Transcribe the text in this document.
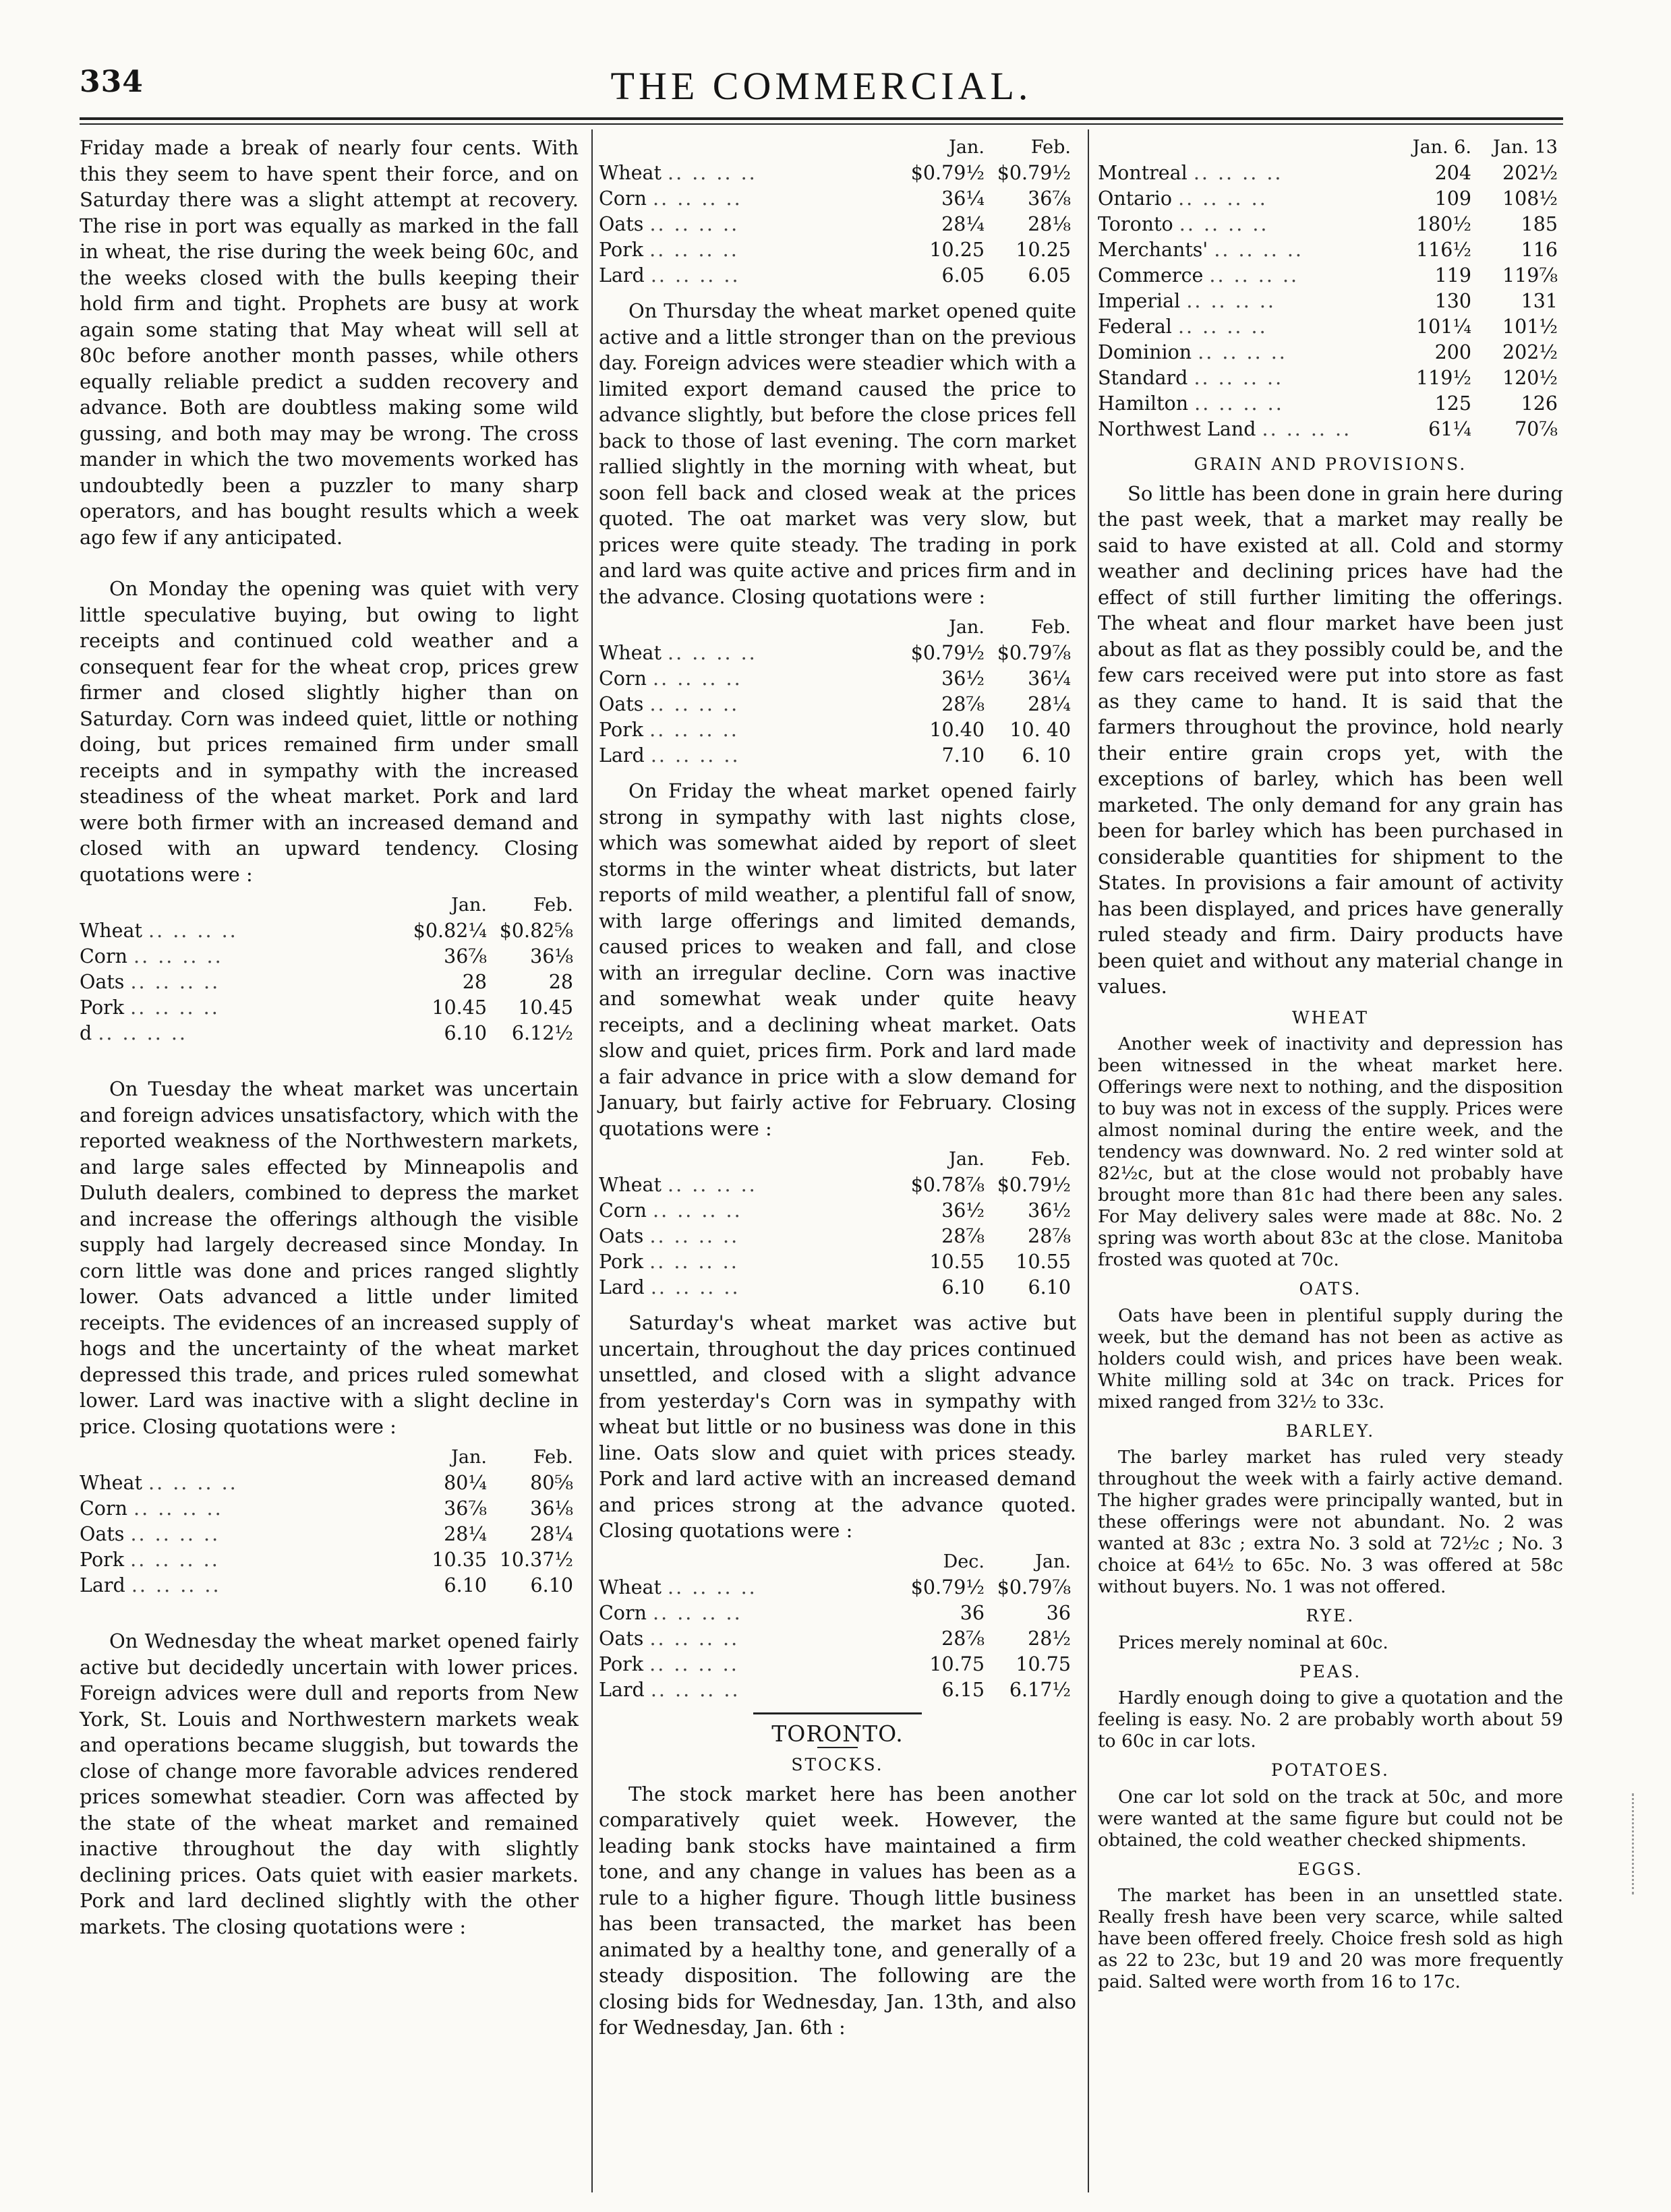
334	THE COMMERCIAL.

Friday made a break of nearly four cents. With this they seem to have spent their force, and on Saturday there was a slight attempt at recovery. The rise in port was equally as marked in the fall in wheat, the rise during the week being 60c, and the weeks closed with the bulls keeping their hold firm and tight. Prophets are busy at work again some stating that May wheat will sell at 80c before another month passes, while others equally reliable predict a sudden recovery and advance. Both are doubtless making some wild gussing, and both may may be wrong. The cross mander in which the two movements worked has undoubtedly been a puzzler to many sharp operators, and has bought results which a week ago few if any anticipated.

On Monday the opening was quiet with very little speculative buying, but owing to light receipts and continued cold weather and a consequent fear for the wheat crop, prices grew firmer and closed slightly higher than on Saturday. Corn was indeed quiet, little or nothing doing, but prices remained firm under small receipts and in sympathy with the increased steadiness of the wheat market. Pork and lard were both firmer with an increased demand and closed with an upward tendency. Closing quotations were :

	Jan.	Feb.
Wheat .. .. .. ..	$0.82¼	$0.82⅝
Corn .. .. .. ..	36⅞	36⅛
Oats .. .. .. ..	28	28
Pork .. .. .. ..	10.45	10.45
d .. .. .. ..	6.10	6.12½

On Tuesday the wheat market was uncertain and foreign advices unsatisfactory, which with the reported weakness of the Northwestern markets, and large sales effected by Minneapolis and Duluth dealers, combined to depress the market and increase the offerings although the visible supply had largely decreased since Monday. In corn little was done and prices ranged slightly lower. Oats advanced a little under limited receipts. The evidences of an increased supply of hogs and the uncertainty of the wheat market depressed this trade, and prices ruled somewhat lower. Lard was inactive with a slight decline in price. Closing quotations were :

	Jan.	Feb.
Wheat .. .. .. ..	80¼	80⅝
Corn .. .. .. ..	36⅞	36⅛
Oats .. .. .. ..	28¼	28¼
Pork .. .. .. ..	10.35	10.37½
Lard .. .. .. ..	6.10	6.10

On Wednesday the wheat market opened fairly active but decidedly uncertain with lower prices. Foreign advices were dull and reports from New York, St. Louis and Northwestern markets weak and operations became sluggish, but towards the close of change more favorable advices rendered prices somewhat steadier. Corn was affected by the state of the wheat market and remained inactive throughout the day with slightly declining prices. Oats quiet with easier markets. Pork and lard declined slightly with the other markets. The closing quotations were :

	Jan.	Feb.
Wheat .. .. .. ..	$0.79½	$0.79½
Corn .. .. .. ..	36¼	36⅞
Oats .. .. .. ..	28¼	28⅛
Pork .. .. .. ..	10.25	10.25
Lard .. .. .. ..	6.05	6.05

On Thursday the wheat market opened quite active and a little stronger than on the previous day. Foreign advices were steadier which with a limited export demand caused the price to advance slightly, but before the close prices fell back to those of last evening. The corn market rallied slightly in the morning with wheat, but soon fell back and closed weak at the prices quoted. The oat market was very slow, but prices were quite steady. The trading in pork and lard was quite active and prices firm and in the advance. Closing quotations were :

	Jan.	Feb.
Wheat .. .. .. ..	$0.79½	$0.79⅞
Corn .. .. .. ..	36½	36¼
Oats .. .. .. ..	28⅞	28¼
Pork .. .. .. ..	10.40	10. 40
Lard .. .. .. ..	7.10	6. 10

On Friday the wheat market opened fairly strong in sympathy with last nights close, which was somewhat aided by report of sleet storms in the winter wheat districts, but later reports of mild weather, a plentiful fall of snow, with large offerings and limited demands, caused prices to weaken and fall, and close with an irregular decline. Corn was inactive and somewhat weak under quite heavy receipts, and a declining wheat market. Oats slow and quiet, prices firm. Pork and lard made a fair advance in price with a slow demand for January, but fairly active for February. Closing quotations were :

	Jan.	Feb.
Wheat .. .. .. ..	$0.78⅞	$0.79½
Corn .. .. .. ..	36½	36½
Oats .. .. .. ..	28⅞	28⅞
Pork .. .. .. ..	10.55	10.55
Lard .. .. .. ..	6.10	6.10

Saturday's wheat market was active but uncertain, throughout the day prices continued unsettled, and closed with a slight advance from yesterday's Corn was in sympathy with wheat but little or no business was done in this line. Oats slow and quiet with prices steady. Pork and lard active with an increased demand and prices strong at the advance quoted. Closing quotations were :

	Dec.	Jan.
Wheat .. .. .. ..	$0.79½	$0.79⅞
Corn .. .. .. ..	36	36
Oats .. .. .. ..	28⅞	28½
Pork .. .. .. ..	10.75	10.75
Lard .. .. .. ..	6.15	6.17½
TORONTO.
STOCKS.

The stock market here has been another comparatively quiet week. However, the leading bank stocks have maintained a firm tone, and any change in values has been as a rule to a higher figure. Though little business has been transacted, the market has been animated by a healthy tone, and generally of a steady disposition. The following are the closing bids for Wednesday, Jan. 13th, and also for Wednesday, Jan. 6th :

	Jan. 6.	Jan. 13
Montreal .. .. .. ..	204	202½
Ontario .. .. .. ..	109	108½
Toronto .. .. .. ..	180½	185
Merchants' .. .. .. ..	116½	116
Commerce .. .. .. ..	119	119⅞
Imperial .. .. .. ..	130	131
Federal .. .. .. ..	101¼	101½
Dominion .. .. .. ..	200	202½
Standard .. .. .. ..	119½	120½
Hamilton .. .. .. ..	125	126
Northwest Land .. .. .. ..	61¼	70⅞
GRAIN AND PROVISIONS.

So little has been done in grain here during the past week, that a market may really be said to have existed at all. Cold and stormy weather and declining prices have had the effect of still further limiting the offerings. The wheat and flour market have been just about as flat as they possibly could be, and the few cars received were put into store as fast as they came to hand. It is said that the farmers throughout the province, hold nearly their entire grain crops yet, with the exceptions of barley, which has been well marketed. The only demand for any grain has been for barley which has been purchased in considerable quantities for shipment to the States. In provisions a fair amount of activity has been displayed, and prices have generally ruled steady and firm. Dairy products have been quiet and without any material change in values.

WHEAT

Another week of inactivity and depression has been witnessed in the wheat market here. Offerings were next to nothing, and the disposition to buy was not in excess of the supply. Prices were almost nominal during the entire week, and the tendency was downward. No. 2 red winter sold at 82½c, but at the close would not probably have brought more than 81c had there been any sales. For May delivery sales were made at 88c. No. 2 spring was worth about 83c at the close. Manitoba frosted was quoted at 70c.

OATS.

Oats have been in plentiful supply during the week, but the demand has not been as active as holders could wish, and prices have been weak. White milling sold at 34c on track. Prices for mixed ranged from 32½ to 33c.

BARLEY.

The barley market has ruled very steady throughout the week with a fairly active demand. The higher grades were principally wanted, but in these offerings were not abundant. No. 2 was wanted at 83c ; extra No. 3 sold at 72½c ; No. 3 choice at 64½ to 65c. No. 3 was offered at 58c without buyers. No. 1 was not offered.

RYE.

Prices merely nominal at 60c.

PEAS.

Hardly enough doing to give a quotation and the feeling is easy. No. 2 are probably worth about 59 to 60c in car lots.

POTATOES.

One car lot sold on the track at 50c, and more were wanted at the same figure but could not be obtained, the cold weather checked shipments.

EGGS.

The market has been in an unsettled state. Really fresh have been very scarce, while salted have been offered freely. Choice fresh sold as high as 22 to 23c, but 19 and 20 was more frequently paid. Salted were worth from 16 to 17c.
